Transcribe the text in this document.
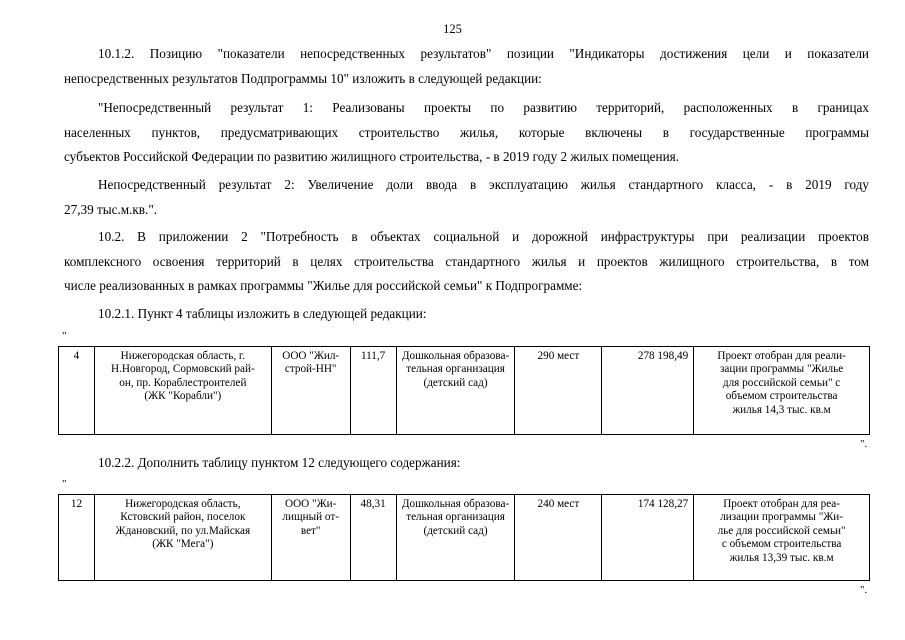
125
10.1.2. Позицию "показатели непосредственных результатов" позиции "Индикаторы достижения цели и показатели
непосредственных результатов Подпрограммы 10" изложить в следующей редакции:
"Непосредственный результат 1: Реализованы проекты по развитию территорий, расположенных в границах
населенных пунктов, предусматривающих строительство жилья, которые включены в государственные программы
субъектов Российской Федерации по развитию жилищного строительства, - в 2019 году 2 жилых помещения.
Непосредственный результат 2: Увеличение доли ввода в эксплуатацию жилья стандартного класса, - в 2019 году
27,39 тыс.м.кв.".
10.2. В приложении 2 "Потребность в объектах социальной и дорожной инфраструктуры при реализации проектов
комплексного освоения территорий в целях строительства стандартного жилья и проектов жилищного строительства, в том
числе реализованных в рамках программы "Жилье для российской семьи" к Подпрограмме:
10.2.1. Пункт 4 таблицы изложить в следующей редакции:
"
4	Нижегородская область, г.
Н.Новгород, Сормовский рай-
он, пр. Кораблестроителей
(ЖК "Корабли")

ООО "Жил-
строй-НН"
	111,7	Дошкольная образова-
тельная организация
(детский сад)
	290 мест	278 198,49	Проект отобран для реали-
зации программы "Жилье
для российской семьи" с
объемом строительства
жилья 14,3 тыс. кв.м
".
10.2.2. Дополнить таблицу пунктом 12 следующего содержания:
"
12	Нижегородская область,
Кстовский район, поселок
Ждановский, по ул.Майская
(ЖК "Мега")

ООО "Жи-
лищный от-
вет"
	48,31	Дошкольная образова-
тельная организация
(детский сад)
	240 мест	174 128,27	Проект отобран для реа-
лизации программы "Жи-
лье для российской семьи"
с объемом строительства
жилья 13,39 тыс. кв.м
".
